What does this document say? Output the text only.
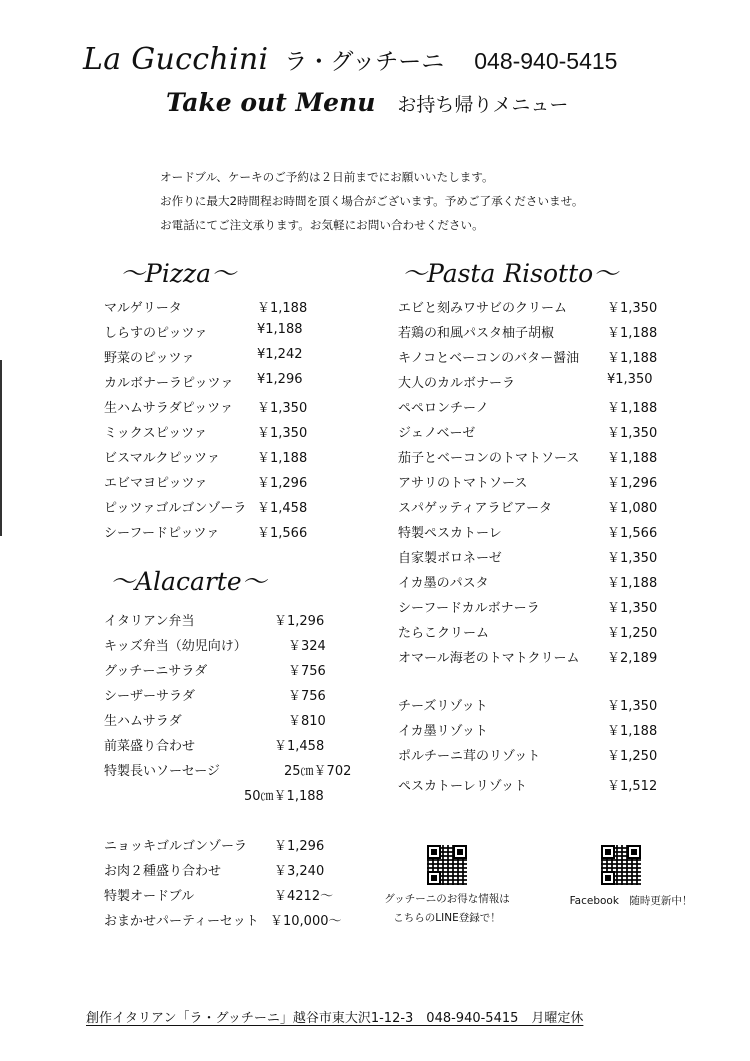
La Gucchini ラ・グッチーニ 048-940-5415
Take out Menu お持ち帰りメニュー
オードブル、ケーキのご予約は２日前までにお願いいたします。
お作りに最大2時間程お時間を頂く場合がございます。予めご了承くださいませ。
お電話にてご注文承ります。お気軽にお問い合わせください。
～Pizza～
マルゲリータ	￥1,188
しらすのピッツァ	¥1,188
野菜のピッツァ	¥1,242
カルボナーラピッツァ ¥1,296
生ハムサラダピッツァ ￥1,350
ミックスピッツァ	￥1,350
ビスマルクピッツァ	￥1,188
エビマヨピッツァ	￥1,296
ピッツァゴルゴンゾーラ ￥1,458
シーフードピッツァ	￥1,566
～Alacarte～
イタリアン弁当	￥1,296
キッズ弁当（幼児向け）	￥324
グッチーニサラダ	￥756
シーザーサラダ	￥756
生ハムサラダ	￥810
前菜盛り合わせ	￥1,458
特製長いソーセージ	25㎝￥702
50㎝￥1,188
ニョッキゴルゴンゾーラ ￥1,296
お肉２種盛り合わせ	￥3,240
特製オードブル	￥4212～
おまかせパーティーセット ￥10,000～
～Pasta Risotto～
エビと刻みワサビのクリーム	￥1,350
若鶏の和風パスタ柚子胡椒	￥1,188
キノコとベーコンのバター醤油 ￥1,188
大人のカルボナーラ	¥1,350
ペペロンチーノ	￥1,188
ジェノベーゼ	￥1,350
茄子とベーコンのトマトソース ￥1,188
アサリのトマトソース	￥1,296
スパゲッティアラビアータ	￥1,080
特製ペスカトーレ	￥1,566
自家製ボロネーゼ	￥1,350
イカ墨のパスタ	￥1,188
シーフードカルボナーラ	￥1,350
たらこクリーム	￥1,250
オマール海老のトマトクリーム ￥2,189
チーズリゾット	￥1,350
イカ墨リゾット	￥1,188
ポルチーニ茸のリゾット	￥1,250
ペスカトーレリゾット	￥1,512
グッチーニのお得な情報は
こちらのLINE登録で！
Facebook　随時更新中！
創作イタリアン「ラ・グッチーニ」越谷市東大沢1-12-3　048-940-5415　月曜定休
